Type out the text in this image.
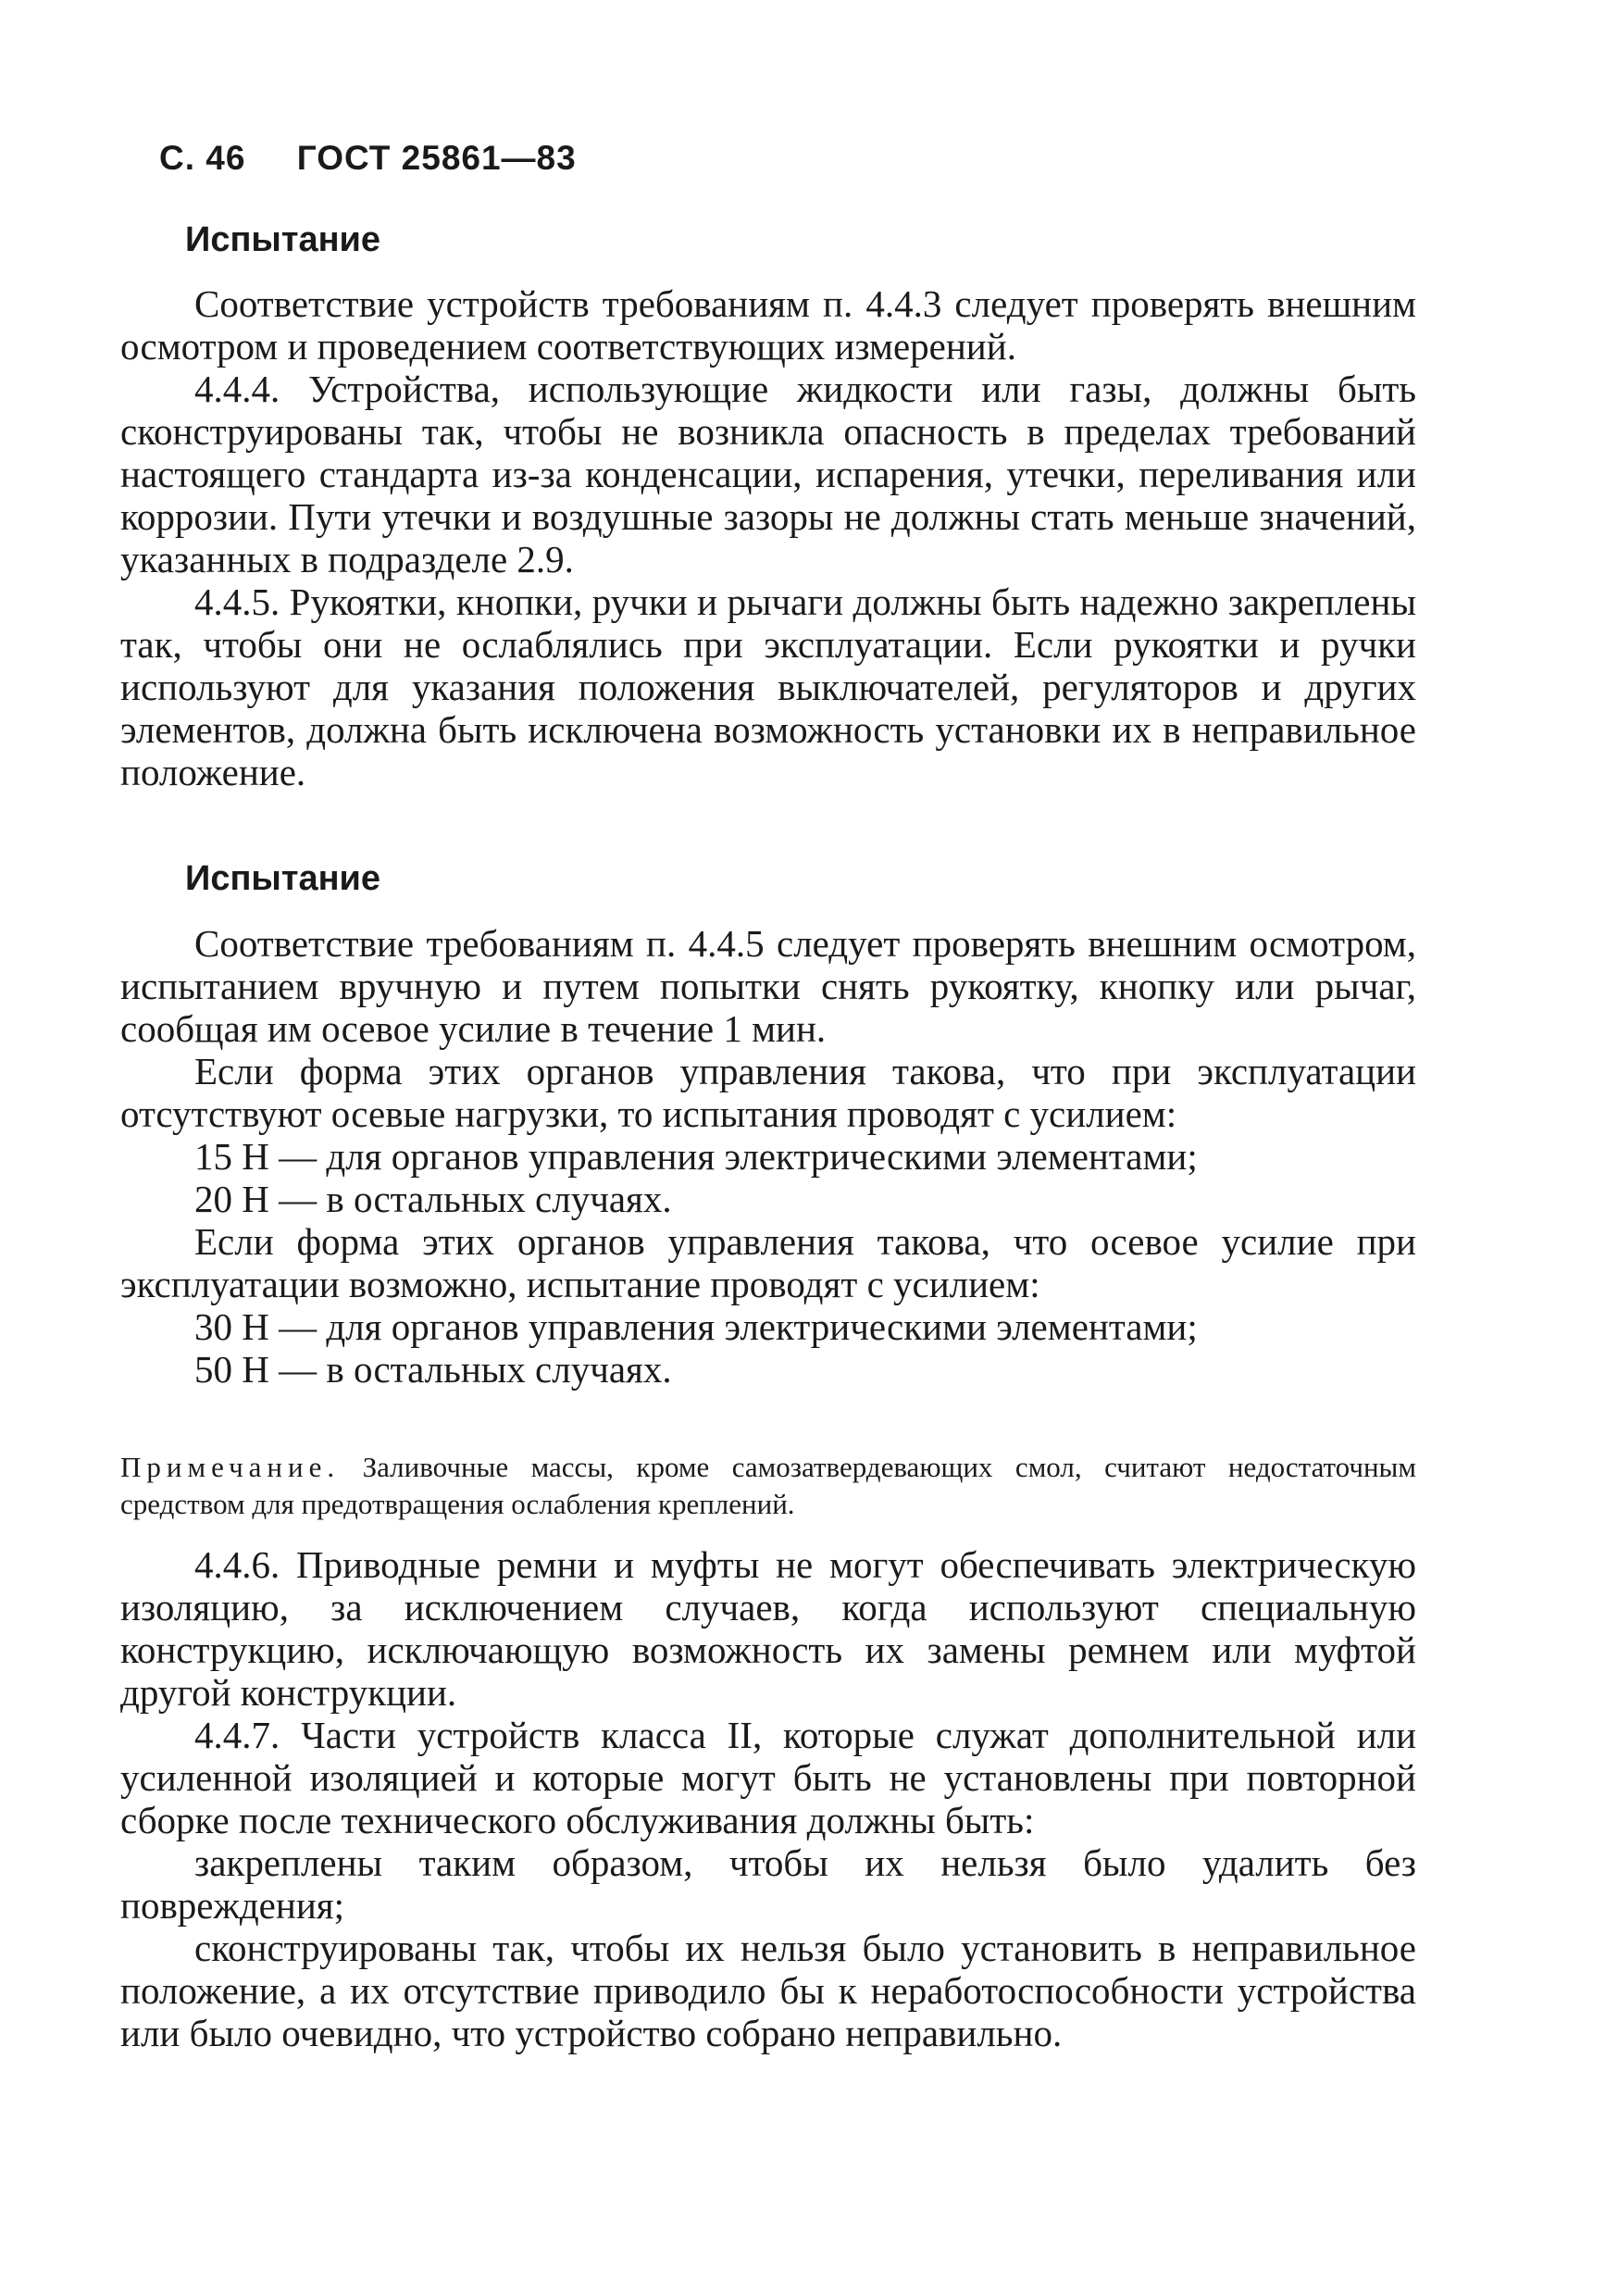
С. 46 ГОСТ 25861—83
Испытание

Соответствие устройств требованиям п. 4.4.3 следует проверять внешним осмотром и проведением соответствующих измерений.

4.4.4. Устройства, использующие жидкости или газы, должны быть сконструированы так, чтобы не возникла опасность в пределах требований настоящего стандарта из-за конденсации, испарения, утечки, переливания или коррозии. Пути утечки и воздушные зазоры не должны стать меньше значений, указанных в подразделе 2.9.

4.4.5. Рукоятки, кнопки, ручки и рычаги должны быть надежно закреплены так, чтобы они не ослаблялись при эксплуатации. Если рукоятки и ручки используют для указания положения выключателей, регуляторов и других элементов, должна быть исключена возможность установки их в неправильное положение.

Испытание

Соответствие требованиям п. 4.4.5 следует проверять внешним осмотром, испытанием вручную и путем попытки снять рукоятку, кнопку или рычаг, сообщая им осевое усилие в течение 1 мин.

Если форма этих органов управления такова, что при эксплуатации отсутствуют осевые нагрузки, то испытания проводят с усилием:

15 Н — для органов управления электрическими элементами;

20 Н — в остальных случаях.

Если форма этих органов управления такова, что осевое усилие при эксплуатации возможно, испытание проводят с усилием:

30 Н — для органов управления электрическими элементами;

50 Н — в остальных случаях.

Примечание. Заливочные массы, кроме самозатвердевающих смол, считают недостаточным средством для предотвращения ослабления креплений.

4.4.6. Приводные ремни и муфты не могут обеспечивать электрическую изоляцию, за исключением случаев, когда используют специальную конструкцию, исключающую возможность их замены ремнем или муфтой другой конструкции.

4.4.7. Части устройств класса II, которые служат дополнительной или усиленной изоляцией и которые могут быть не установлены при повторной сборке после технического обслуживания должны быть:

закреплены таким образом, чтобы их нельзя было удалить без повреждения;

сконструированы так, чтобы их нельзя было установить в неправильное положение, а их отсутствие приводило бы к неработоспособности устройства или было очевидно, что устройство собрано неправильно.
